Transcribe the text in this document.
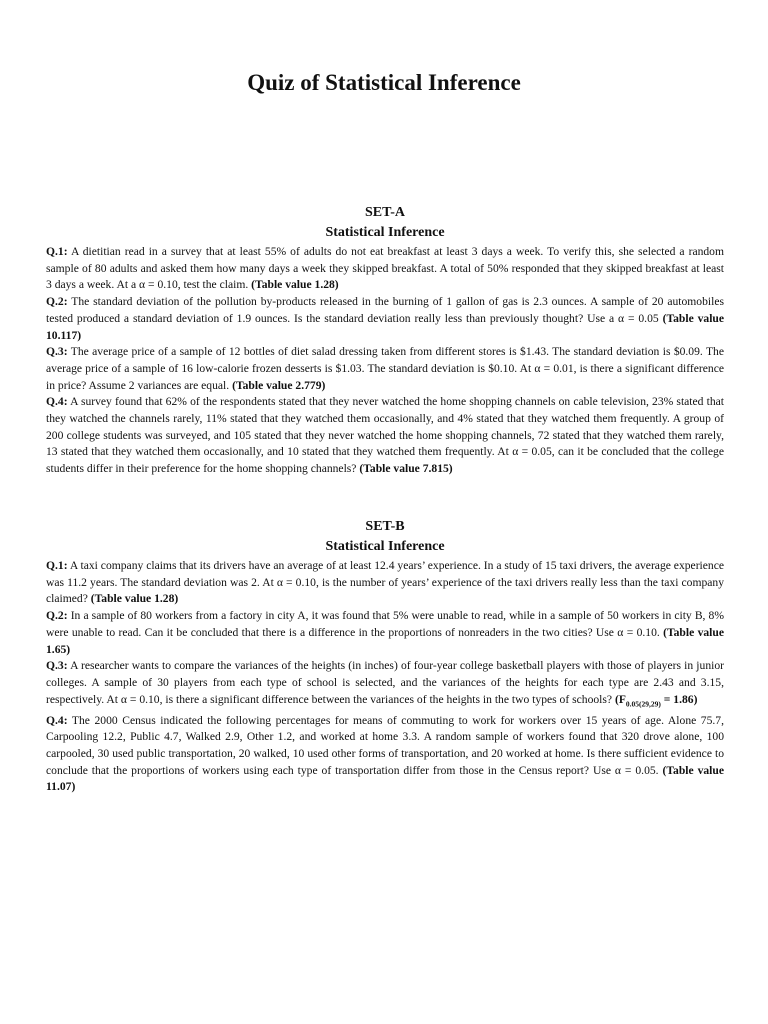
Quiz of Statistical Inference
SET-A
Statistical Inference

Q.1: A dietitian read in a survey that at least 55% of adults do not eat breakfast at least 3 days a week. To verify this, she selected a random sample of 80 adults and asked them how many days a week they skipped breakfast. A total of 50% responded that they skipped breakfast at least 3 days a week. At a α = 0.10, test the claim. (Table value 1.28)

Q.2: The standard deviation of the pollution by-products released in the burning of 1 gallon of gas is 2.3 ounces. A sample of 20 automobiles tested produced a standard deviation of 1.9 ounces. Is the standard deviation really less than previously thought? Use a α = 0.05 (Table value 10.117)

Q.3: The average price of a sample of 12 bottles of diet salad dressing taken from different stores is $1.43. The standard deviation is $0.09. The average price of a sample of 16 low-calorie frozen desserts is $1.03. The standard deviation is $0.10. At α = 0.01, is there a significant difference in price? Assume 2 variances are equal. (Table value 2.779)

Q.4: A survey found that 62% of the respondents stated that they never watched the home shopping channels on cable television, 23% stated that they watched the channels rarely, 11% stated that they watched them occasionally, and 4% stated that they watched them frequently. A group of 200 college students was surveyed, and 105 stated that they never watched the home shopping channels, 72 stated that they watched them rarely, 13 stated that they watched them occasionally, and 10 stated that they watched them frequently. At α = 0.05, can it be concluded that the college students differ in their preference for the home shopping channels? (Table value 7.815)

SET-B
Statistical Inference

Q.1: A taxi company claims that its drivers have an average of at least 12.4 years’ experience. In a study of 15 taxi drivers, the average experience was 11.2 years. The standard deviation was 2. At α = 0.10, is the number of years’ experience of the taxi drivers really less than the taxi company claimed? (Table value 1.28)

Q.2: In a sample of 80 workers from a factory in city A, it was found that 5% were unable to read, while in a sample of 50 workers in city B, 8% were unable to read. Can it be concluded that there is a difference in the proportions of nonreaders in the two cities? Use α = 0.10. (Table value 1.65)

Q.3: A researcher wants to compare the variances of the heights (in inches) of four-year college basketball players with those of players in junior colleges. A sample of 30 players from each type of school is selected, and the variances of the heights for each type are 2.43 and 3.15, respectively. At α = 0.10, is there a significant difference between the variances of the heights in the two types of schools? $(F_{0.05(29,29)} = 1.86)$

Q.4: The 2000 Census indicated the following percentages for means of commuting to work for workers over 15 years of age. Alone 75.7, Carpooling 12.2, Public 4.7, Walked 2.9, Other 1.2, and worked at home 3.3. A random sample of workers found that 320 drove alone, 100 carpooled, 30 used public transportation, 20 walked, 10 used other forms of transportation, and 20 worked at home. Is there sufficient evidence to conclude that the proportions of workers using each type of transportation differ from those in the Census report? Use α = 0.05. (Table value 11.07)
